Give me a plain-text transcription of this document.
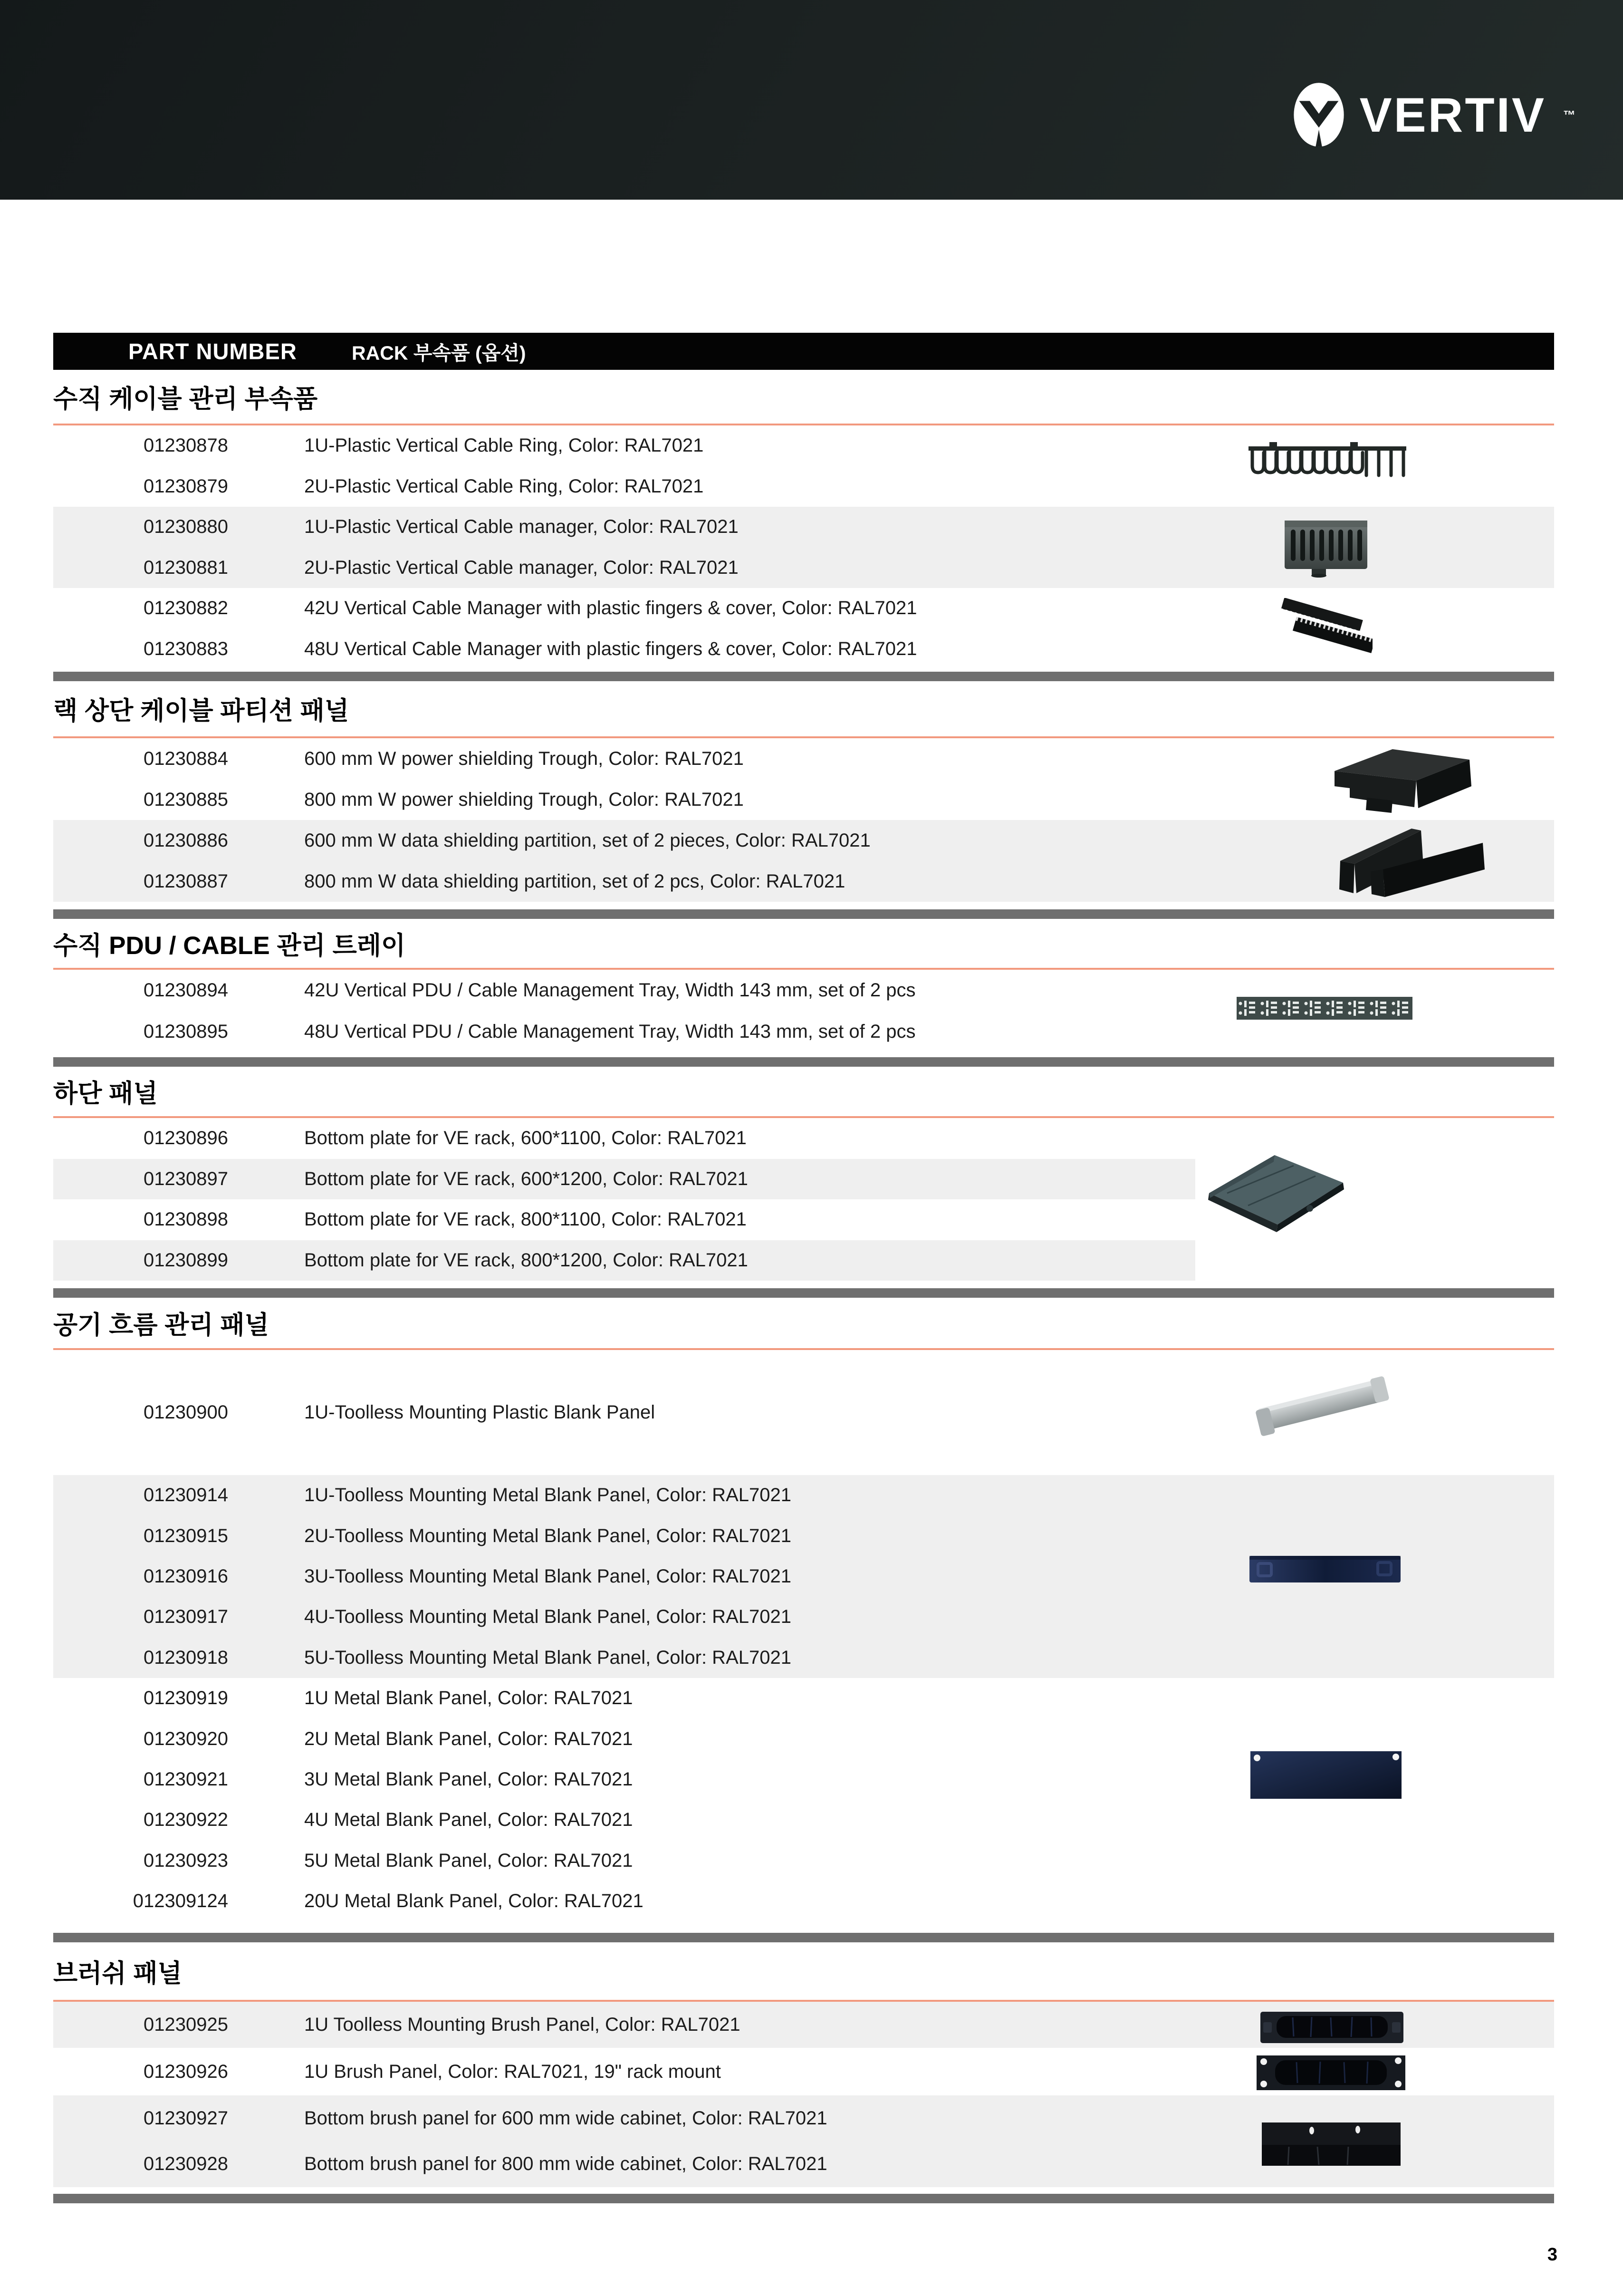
VERTIV ™
PART NUMBER	RACK 부속품 (옵션)
수직 케이블 관리 부속품
01230878	1U-Plastic Vertical Cable Ring, Color: RAL7021
01230879	2U-Plastic Vertical Cable Ring, Color: RAL7021
01230880	1U-Plastic Vertical Cable manager, Color: RAL7021
01230881	2U-Plastic Vertical Cable manager, Color: RAL7021
01230882	42U Vertical Cable Manager with plastic fingers & cover, Color: RAL7021
01230883	48U Vertical Cable Manager with plastic fingers & cover, Color: RAL7021
랙 상단 케이블 파티션 패널
01230884	600 mm W power shielding Trough, Color: RAL7021
01230885	800 mm W power shielding Trough, Color: RAL7021
01230886	600 mm W data shielding partition, set of 2 pieces, Color: RAL7021
01230887	800 mm W data shielding partition, set of 2 pcs, Color: RAL7021
수직 PDU / CABLE 관리 트레이
01230894	42U Vertical PDU / Cable Management Tray, Width 143 mm, set of 2 pcs
01230895	48U Vertical PDU / Cable Management Tray, Width 143 mm, set of 2 pcs
하단 패널
01230896	Bottom plate for VE rack, 600*1100, Color: RAL7021
01230897	Bottom plate for VE rack, 600*1200, Color: RAL7021
01230898	Bottom plate for VE rack, 800*1100, Color: RAL7021
01230899	Bottom plate for VE rack, 800*1200, Color: RAL7021
공기 흐름 관리 패널
01230900	1U-Toolless Mounting Plastic Blank Panel
01230914	1U-Toolless Mounting Metal Blank Panel, Color: RAL7021
01230915	2U-Toolless Mounting Metal Blank Panel, Color: RAL7021
01230916	3U-Toolless Mounting Metal Blank Panel, Color: RAL7021
01230917	4U-Toolless Mounting Metal Blank Panel, Color: RAL7021
01230918	5U-Toolless Mounting Metal Blank Panel, Color: RAL7021
01230919	1U Metal Blank Panel, Color: RAL7021
01230920	2U Metal Blank Panel, Color: RAL7021
01230921	3U Metal Blank Panel, Color: RAL7021
01230922	4U Metal Blank Panel, Color: RAL7021
01230923	5U Metal Blank Panel, Color: RAL7021
012309124	20U Metal Blank Panel, Color: RAL7021
브러쉬 패널
01230925	1U Toolless Mounting Brush Panel, Color: RAL7021
01230926	1U Brush Panel, Color: RAL7021, 19" rack mount
01230927	Bottom brush panel for 600 mm wide cabinet, Color: RAL7021
01230928	Bottom brush panel for 800 mm wide cabinet, Color: RAL7021
3
